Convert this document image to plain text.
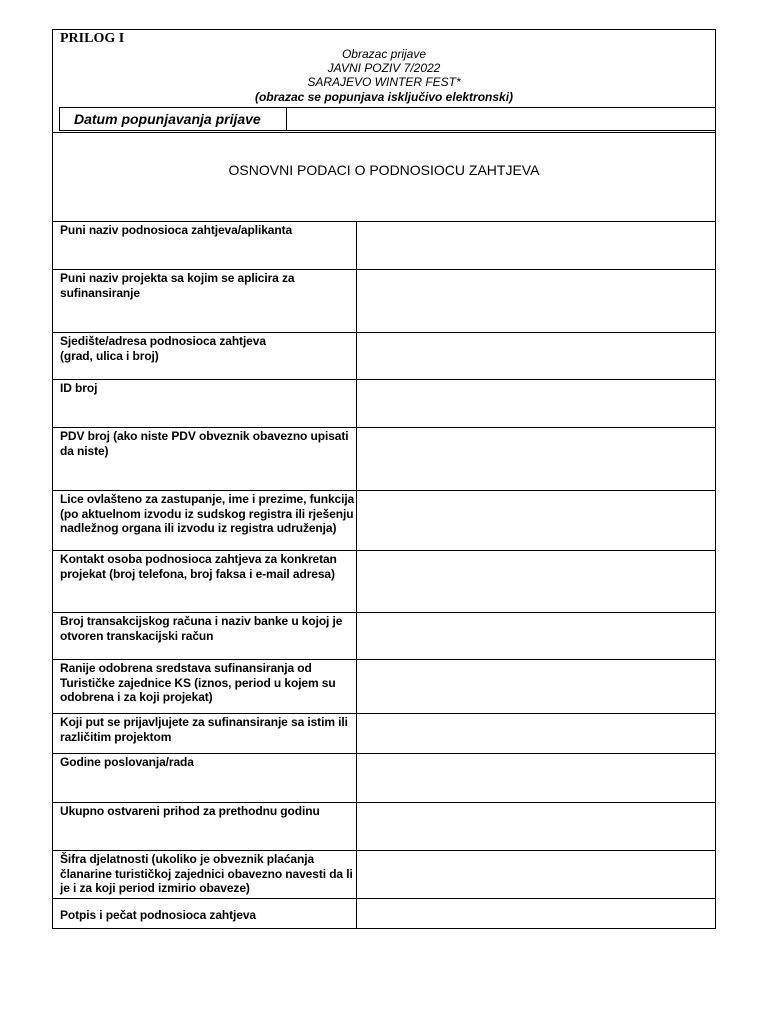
PRILOG I
Obrazac prijave
JAVNI POZIV 7/2022
SARAJEVO WINTER FEST*
(obrazac se popunjava isključivo elektronski)
Datum popunjavanja prijave
OSNOVNI PODACI O PODNOSIOCU ZAHTJEVA
Puni naziv podnosioca zahtjeva/aplikanta
Puni naziv projekta sa kojim se aplicira za sufinansiranje
Sjedište/adresa podnosioca zahtjeva
(grad, ulica i broj)
ID broj
PDV broj (ako niste PDV obveznik obavezno upisati da niste)
Lice ovlašteno za zastupanje, ime i prezime, funkcija (po aktuelnom izvodu iz sudskog registra ili rješenju nadležnog organa ili izvodu iz registra udruženja)
Kontakt osoba podnosioca zahtjeva za konkretan projekat (broj telefona, broj faksa i e-mail adresa)
Broj transakcijskog računa i naziv banke u kojoj je otvoren transkacijski račun
Ranije odobrena sredstava sufinansiranja od Turističke zajednice KS (iznos, period u kojem su odobrena i za koji projekat)
Koji put se prijavljujete za sufinansiranje sa istim ili različitim projektom
Godine poslovanja/rada
Ukupno ostvareni prihod za prethodnu godinu
Šifra djelatnosti (ukoliko je obveznik plaćanja članarine turističkoj zajednici obavezno navesti da li je i za koji period izmirio obaveze)
Potpis i pečat podnosioca zahtjeva
